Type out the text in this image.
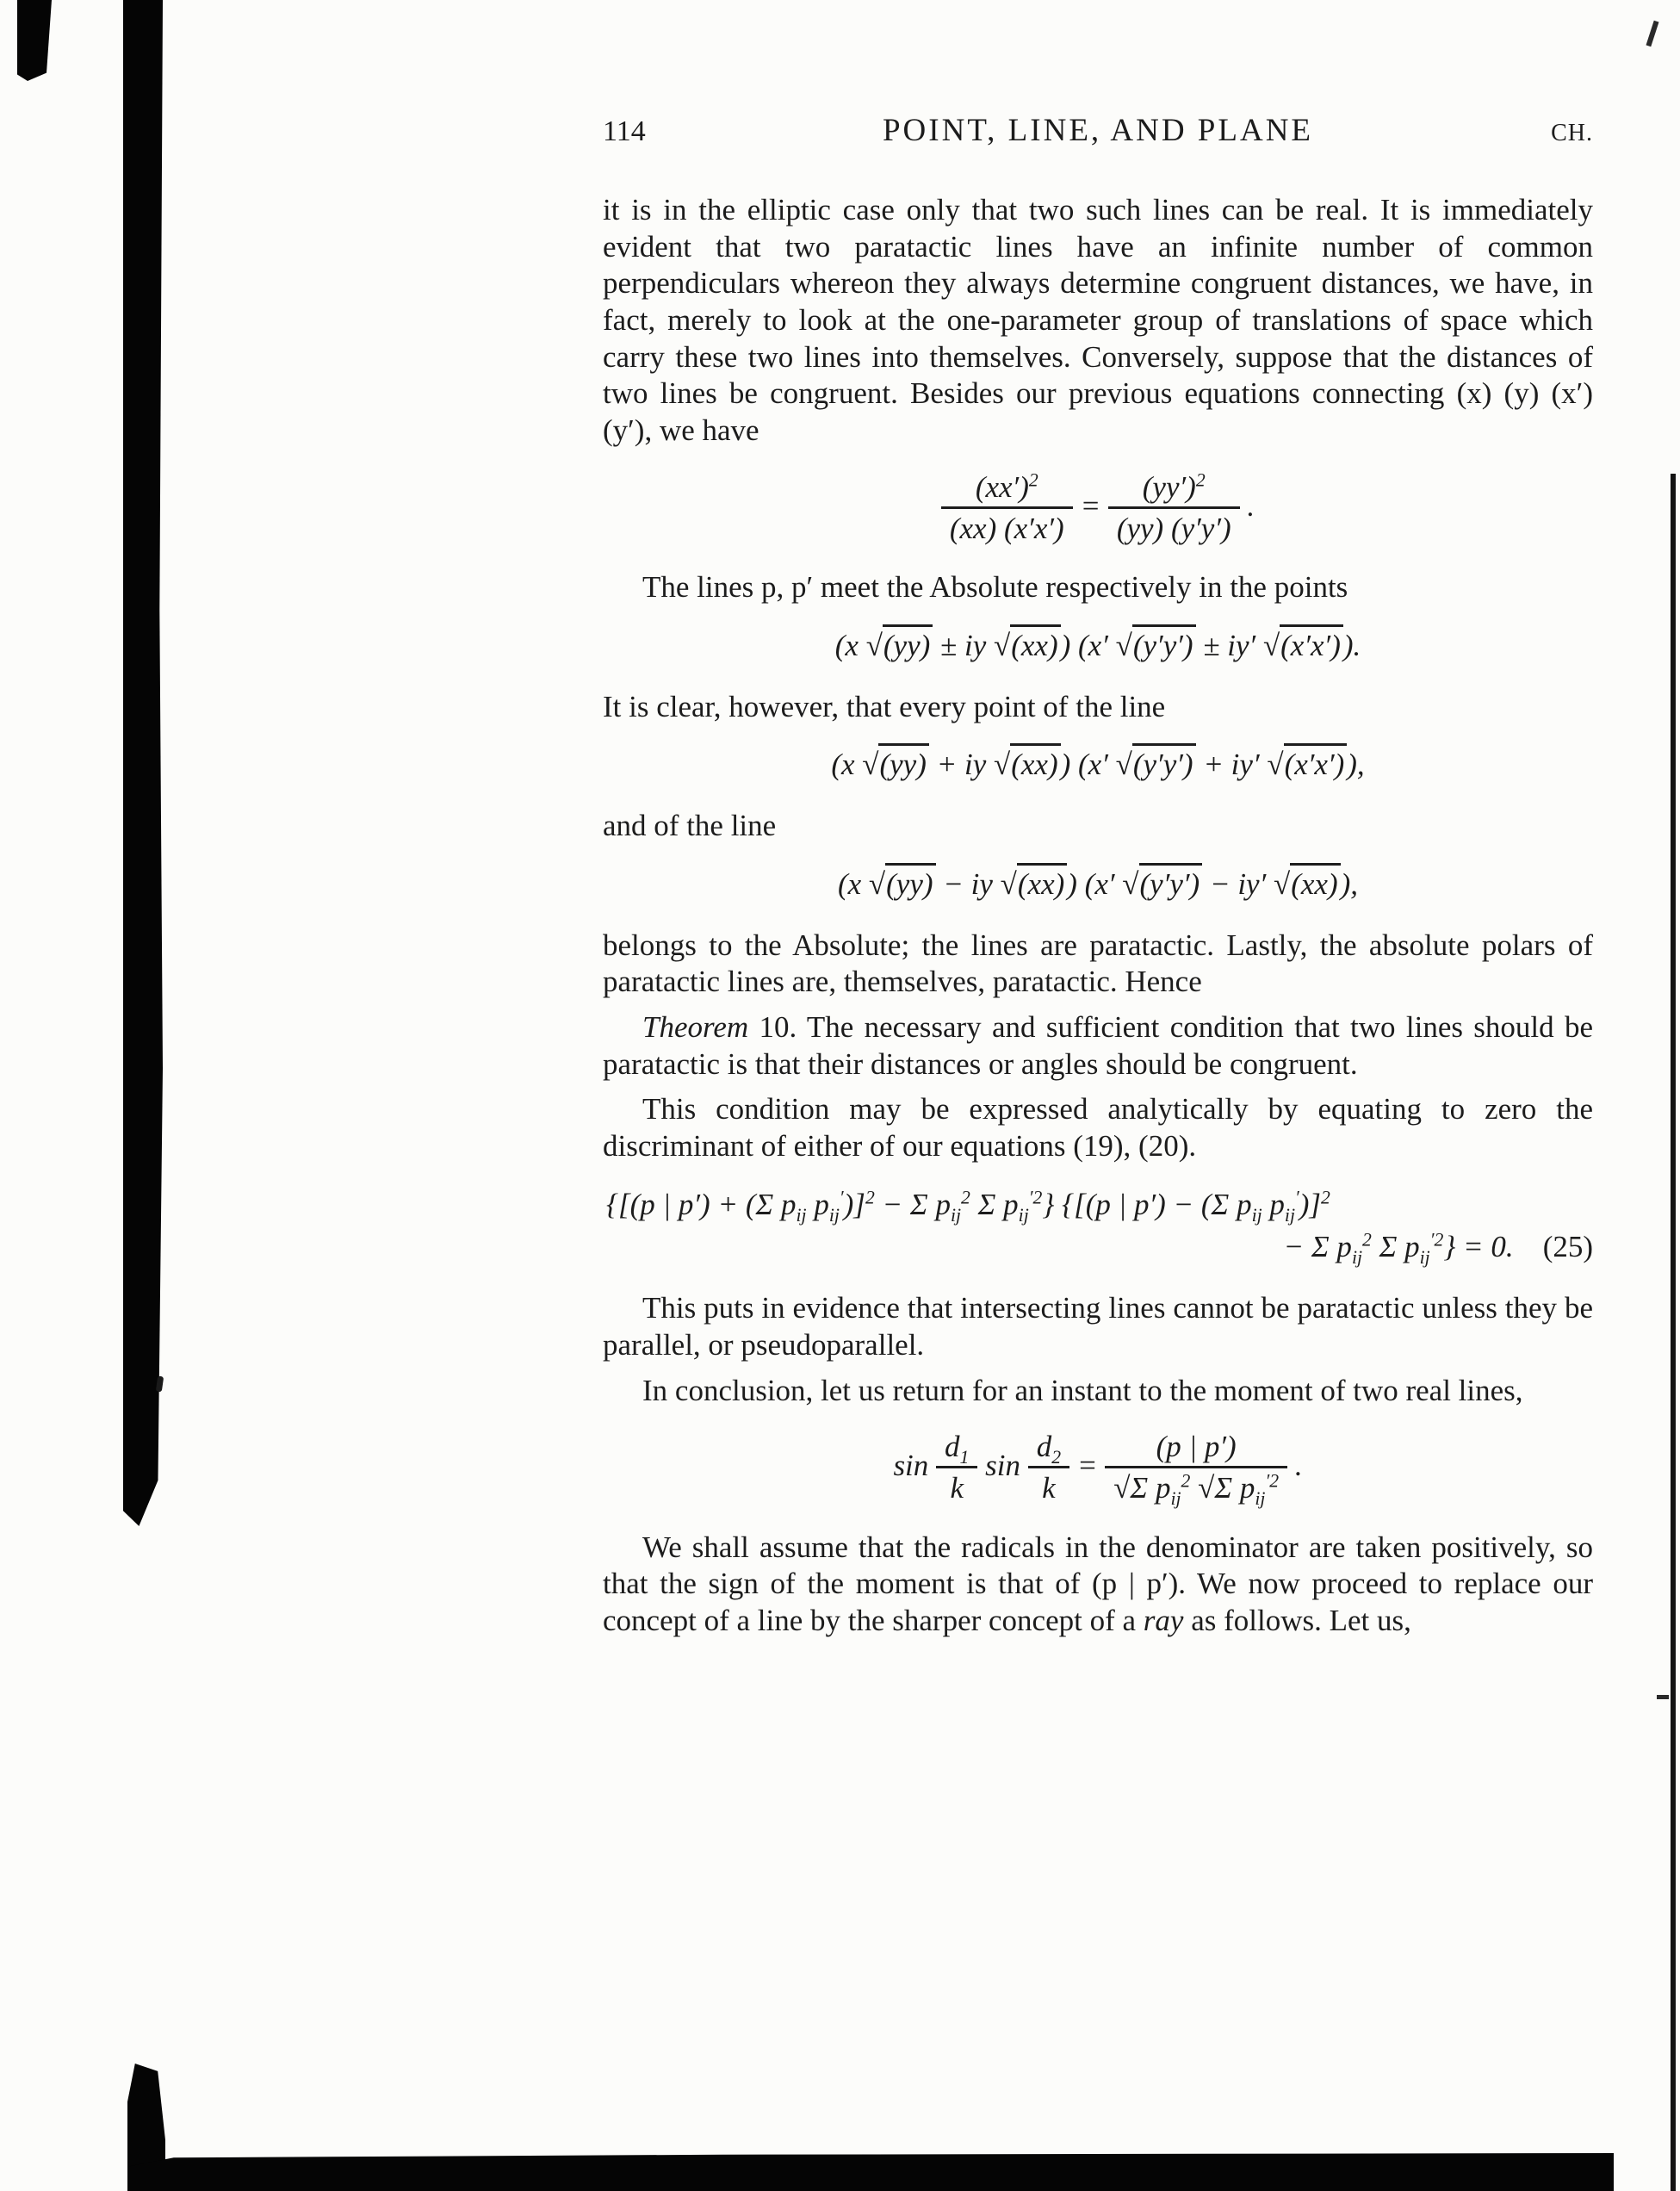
114	POINT, LINE, AND PLANE	CH.

it is in the elliptic case only that two such lines can be real. It is immediately evident that two paratactic lines have an infinite number of common perpendiculars whereon they always determine congruent distances, we have, in fact, merely to look at the one-parameter group of translations of space which carry these two lines into themselves. Conversely, suppose that the distances of two lines be congruent. Besides our previous equations connecting (x) (y) (x′) (y′), we have

$\frac{(xx')^2}{(xx) (x'x')} = \frac{(yy')^2}{(yy) (y'y')}$ .

The lines p, p′ meet the Absolute respectively in the points

(x √(yy) ± iy √(xx)) (x′ √(y′y′) ± iy′ √(x′x′)).

It is clear, however, that every point of the line

(x √(yy) + iy √(xx)) (x′ √(y′y′) + iy′ √(x′x′)),

and of the line

(x √(yy) − iy √(xx)) (x′ √(y′y′) − iy′ √(xx)),

belongs to the Absolute; the lines are paratactic. Lastly, the absolute polars of paratactic lines are, themselves, paratactic. Hence

Theorem 10. The necessary and sufficient condition that two lines should be paratactic is that their distances or angles should be congruent.

This condition may be expressed analytically by equating to zero the discriminant of either of our equations (19), (20).

{[(p | p′) + (Σ $p_{ij}$ $p_{ij}')]^2 - \Sigma$ $p_{ij}^2$ Σ $p_{ij}^{'2}$} {[(p | p′) − (Σ $p_{ij}$ $p_{ij}')]^2$
− Σ $p_{ij}^2$ Σ $p_{ij}^{'2}\} = 0$. (25)

This puts in evidence that intersecting lines cannot be paratactic unless they be parallel, or pseudoparallel.

In conclusion, let us return for an instant to the moment of two real lines,

$\sin \frac{d_1}{k}$ $\sin \frac{d_2}{k} = \frac{(p | p')}{√\Sigma p_{ij}^2 √\Sigma p_{ij}^{'2}}$ .

We shall assume that the radicals in the denominator are taken positively, so that the sign of the moment is that of (p | p′). We now proceed to replace our concept of a line by the sharper concept of a ray as follows. Let us,
